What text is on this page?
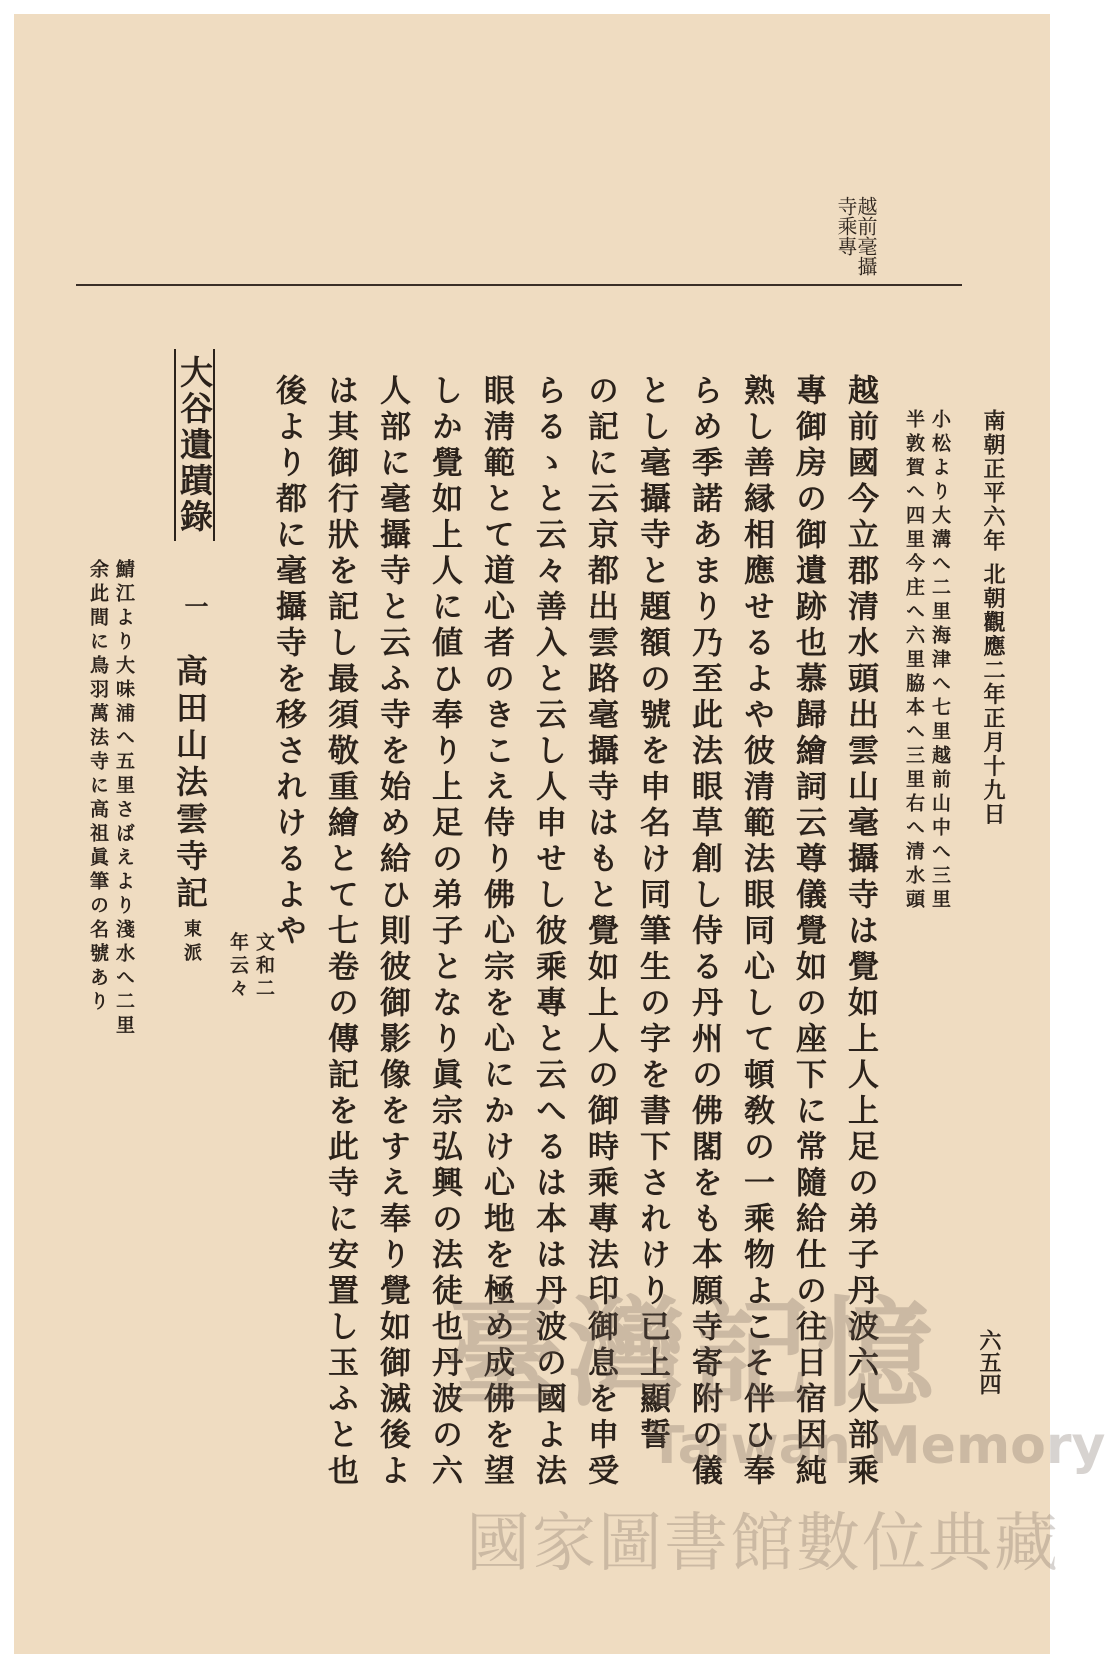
越前毫攝
寺乘專
南朝正平六年 北朝觀應二年正月十九日
小松より大溝へ二里海津へ七里越前山中へ三里
半敦賀へ四里今庄へ六里脇本へ三里右へ清水頭
越前國今立郡清水頭出雲山毫攝寺は覺如上人上足の弟子丹波六人部乘
專御房の御遺跡也慕歸繪詞云尊儀覺如の座下に常隨給仕の往日宿因純
熟し善縁相應せるよや彼清範法眼同心して頓敎の一乘物よこそ伴ひ奉
らめ季諾あまり乃至此法眼草創し侍る丹州の佛閣をも本願寺寄附の儀
とし毫攝寺と題額の號を申名け同筆生の字を書下されけり已上顯誓
の記に云京都出雲路毫攝寺はもと覺如上人の御時乘專法印御息を申受
らるゝと云々善入と云し人申せし彼乘專と云へるは本は丹波の國よ法
眼淸範とて道心者のきこえ侍り佛心宗を心にかけ心地を極め成佛を望
しか覺如上人に値ひ奉り上足の弟子となり眞宗弘興の法徒也丹波の六
人部に毫攝寺と云ふ寺を始め給ひ則彼御影像をすえ奉り覺如御滅後よ
は其御行狀を記し最須敬重繪とて七卷の傳記を此寺に安置し玉ふと也
後より都に毫攝寺を移されけるよや
文和二
年云々
大谷遺蹟錄
一
高田山法雲寺記
東派
鯖江より大味浦へ五里さばえより淺水へ二里
余此間に鳥羽萬法寺に高祖眞筆の名號あり
六五四
臺灣記憶
Taiwan Memory
國家圖書館數位典藏
